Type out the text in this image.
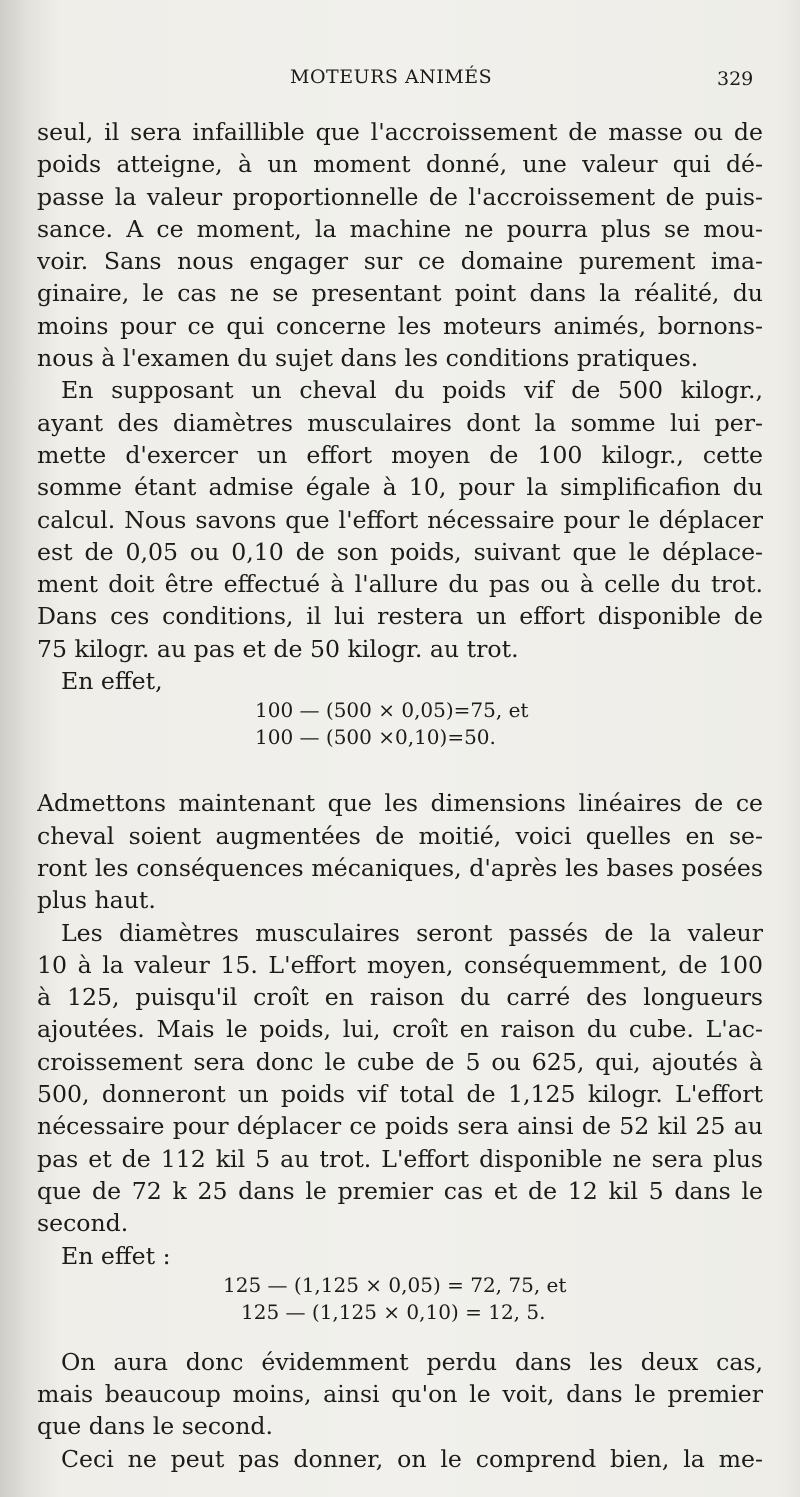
MOTEURS ANIMÉS	329
seul, il sera infaillible que l'accroissement de masse ou de
poids atteigne, à un moment donné, une valeur qui dé-
passe la valeur proportionnelle de l'accroissement de puis-
sance. A ce moment, la machine ne pourra plus se mou-
voir. Sans nous engager sur ce domaine purement ima-
ginaire, le cas ne se presentant point dans la réalité, du
moins pour ce qui concerne les moteurs animés, bornons-
nous à l'examen du sujet dans les conditions pratiques.
En supposant un cheval du poids vif de 500 kilogr.,
ayant des diamètres musculaires dont la somme lui per-
mette d'exercer un effort moyen de 100 kilogr., cette
somme étant admise égale à 10, pour la simplificafion du
calcul. Nous savons que l'effort nécessaire pour le déplacer
est de 0,05 ou 0,10 de son poids, suivant que le déplace-
ment doit être effectué à l'allure du pas ou à celle du trot.
Dans ces conditions, il lui restera un effort disponible de
75 kilogr. au pas et de 50 kilogr. au trot.
En effet,
100 — (500 × 0,05)=75, et
100 — (500 ×0,10)=50.
Admettons maintenant que les dimensions linéaires de ce
cheval soient augmentées de moitié, voici quelles en se-
ront les conséquences mécaniques, d'après les bases posées
plus haut.
Les diamètres musculaires seront passés de la valeur
10 à la valeur 15. L'effort moyen, conséquemment, de 100
à 125, puisqu'il croît en raison du carré des longueurs
ajoutées. Mais le poids, lui, croît en raison du cube. L'ac-
croissement sera donc le cube de 5 ou 625, qui, ajoutés à
500, donneront un poids vif total de 1,125 kilogr. L'effort
nécessaire pour déplacer ce poids sera ainsi de 52 kil 25 au
pas et de 112 kil 5 au trot. L'effort disponible ne sera plus
que de 72 k 25 dans le premier cas et de 12 kil 5 dans le
second.
En effet :
125 — (1,125 × 0,05) = 72, 75, et
125 — (1,125 × 0,10) = 12, 5.
On aura donc évidemment perdu dans les deux cas,
mais beaucoup moins, ainsi qu'on le voit, dans le premier
que dans le second.
Ceci ne peut pas donner, on le comprend bien, la me-
